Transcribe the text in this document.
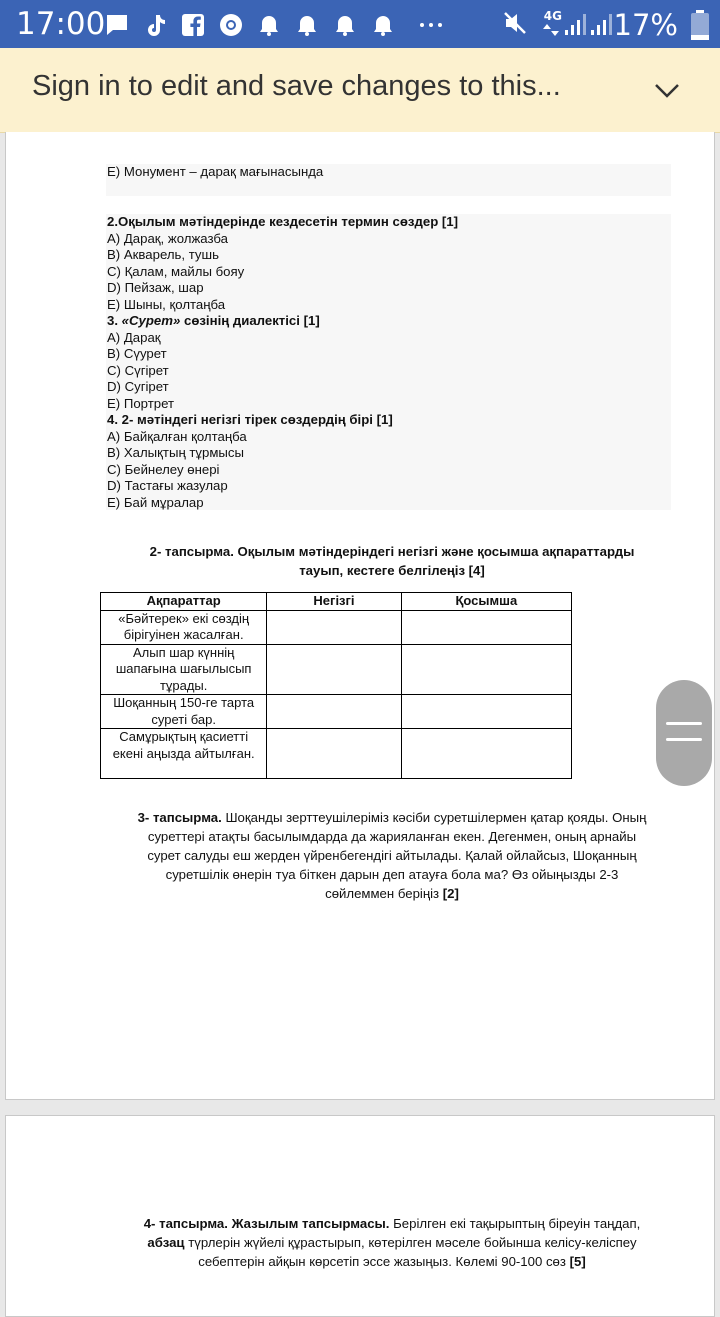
17:00	4G 17%
Sign in to edit and save changes to this...
E) Монумент – дарақ мағынасында
2.Оқылым мәтіндерінде кездесетін термин сөздер [1]
A) Дарақ, жолжазба
B) Акварель, тушь
C) Қалам, майлы бояу
D) Пейзаж, шар
E) Шыны, қолтаңба
3. «Сурет» сөзінің диалектісі [1]
A) Дарақ
B) Сүурет
C) Сүгірет
D) Сугірет
E) Портрет
4. 2- мәтіндегі негізгі тірек сөздердің бірі [1]
A) Байқалған қолтаңба
B) Халықтың тұрмысы
C) Бейнелеу өнері
D) Тастағы жазулар
E) Бай мұралар
2- тапсырма. Оқылым мәтіндеріндегі негізгі және қосымша ақпараттарды
тауып, кестеге белгілеңіз [4]
Ақпараттар	Негізгі	Қосымша
«Бәйтерек» екі сөздің бірігуінен жасалған.		
Алып шар күннің шапағына шағылысып тұрады.		
Шоқанның 150-ге тарта суреті бар.		
Самұрықтың қасиетті екені аңызда айтылған.		
3- тапсырма. Шоқанды зерттеушілеріміз кәсіби суретшілермен қатар қояды. Оның
суреттері атақты басылымдарда да жарияланған екен. Дегенмен, оның арнайы
сурет салуды еш жерден үйренбегендігі айтылады. Қалай ойлайсыз, Шоқанның
суретшілік өнерін туа біткен дарын деп атауға бола ма? Өз ойыңызды 2-3
сөйлеммен беріңіз [2]
4- тапсырма. Жазылым тапсырмасы. Берілген екі тақырыптың біреуін таңдап,
абзац түрлерін жүйелі құрастырып, көтерілген мәселе бойынша келісу-келіспеу
себептерін айқын көрсетіп эссе жазыңыз. Көлемі 90-100 сөз [5]
